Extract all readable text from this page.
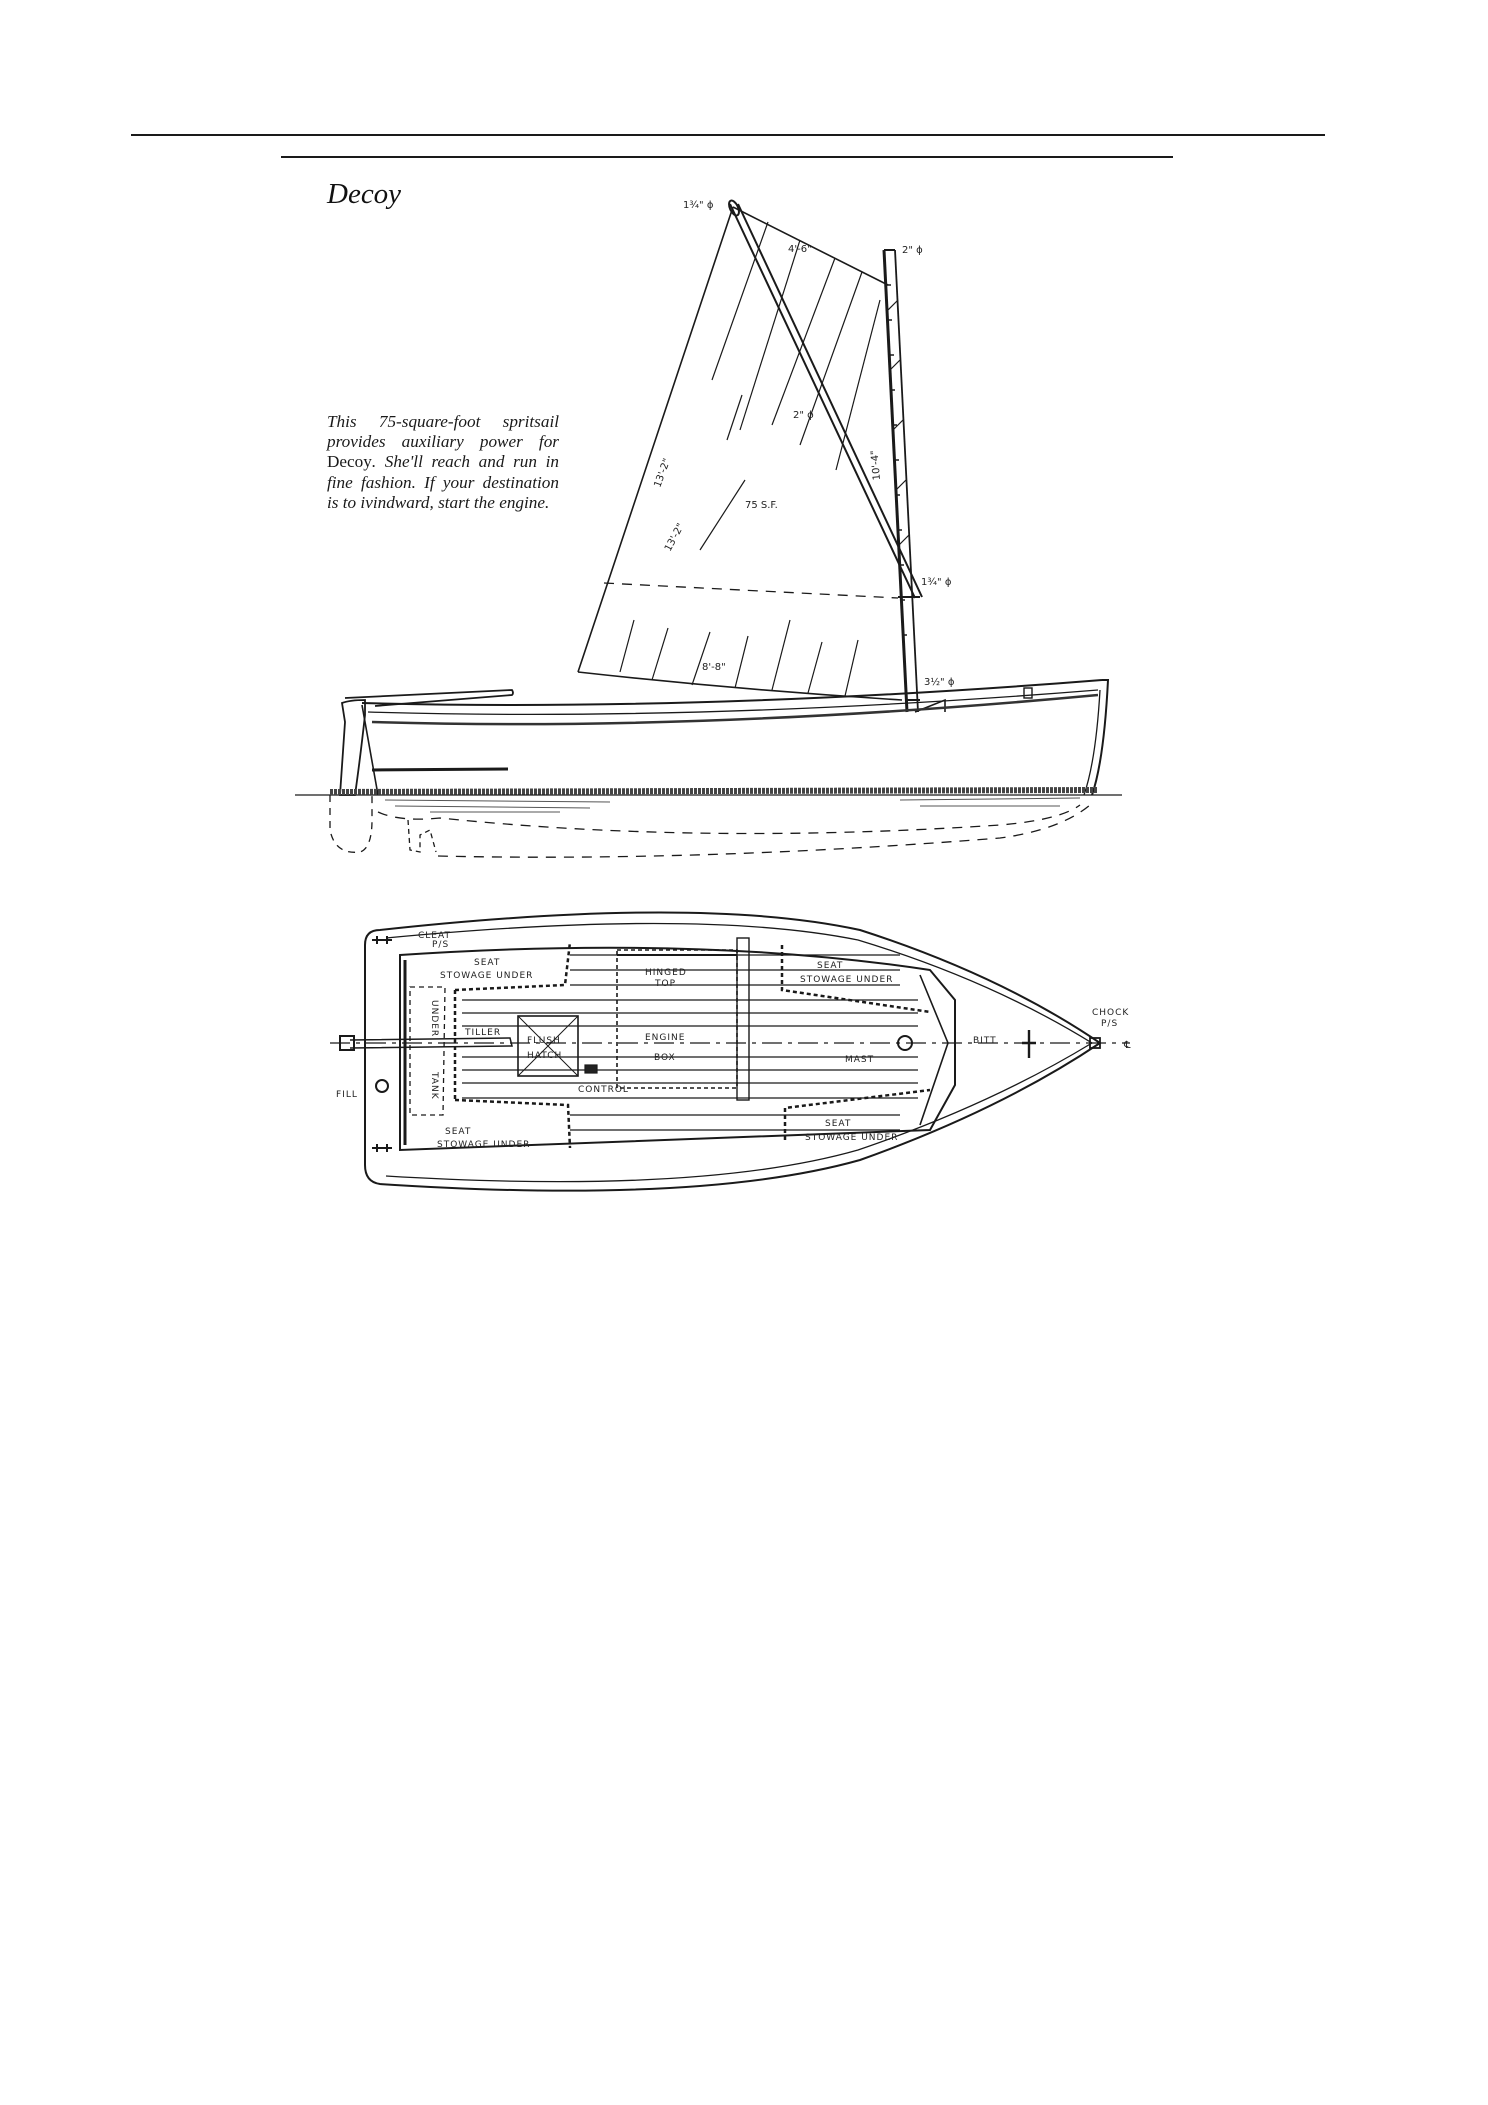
Decoy
This 75-square-foot spritsail provides auxiliary power for Decoy. She'll reach and run in fine fashion. If your destination is to ivindward, start the engine.
1¾" ϕ
4'-6"	2" ϕ
2" ϕ
13'-2"
13'-2"
75 S.F.
10'-4"
1¾" ϕ
8'-8"
3½" ϕ
CLEAT
P/S
SEAT
STOWAGE UNDER
UNDER
TANK
TILLER
FLUSH
HATCH
CONTROL
FILL
HINGED
TOP
ENGINE
BOX
SEAT
STOWAGE UNDER
MAST
BITT
CHOCK
P/S
℄
SEAT
STOWAGE UNDER
SEAT
STOWAGE UNDER
